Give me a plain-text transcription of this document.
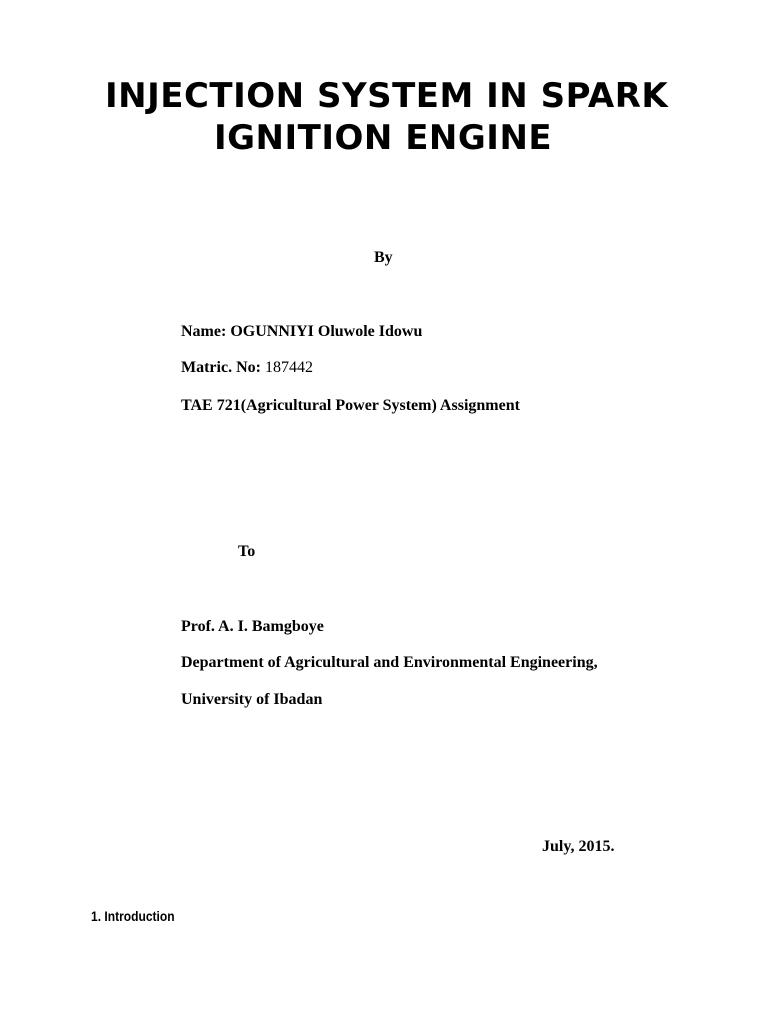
INJECTION SYSTEM IN SPARK
IGNITION ENGINE
By
Name: OGUNNIYI Oluwole Idowu
Matric. No: 187442
TAE 721(Agricultural Power System) Assignment
To
Prof. A. I. Bamgboye
Department of Agricultural and Environmental Engineering,
University of Ibadan
July, 2015.
1. Introduction
